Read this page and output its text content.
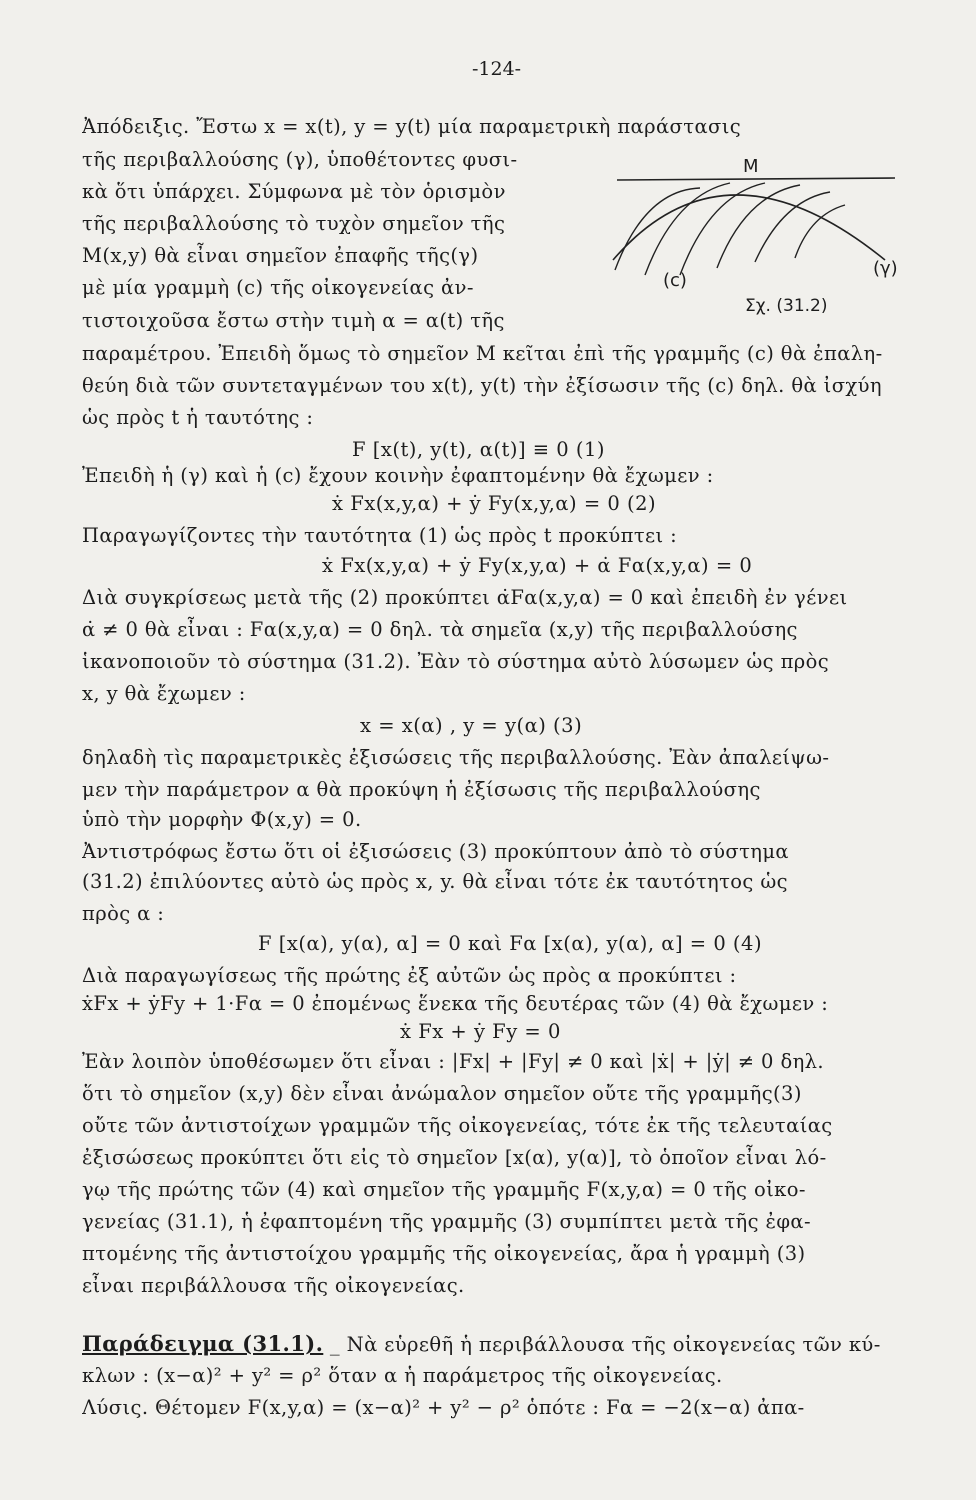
-124-
Ἀπόδειξις. Ἔστω x = x(t), y = y(t) μία παραμετρικὴ παράστασις
τῆς περιβαλλούσης (γ), ὑποθέτοντες φυσι-
κὰ ὅτι ὑπάρχει. Σύμφωνα μὲ τὸν ὁρισμὸν
τῆς περιβαλλούσης τὸ τυχὸν σημεῖον τῆς
M(x,y) θὰ εἶναι σημεῖον ἐπαφῆς τῆς(γ)
μὲ μία γραμμὴ (c) τῆς οἰκογενείας ἀν-
τιστοιχοῦσα ἔστω στὴν τιμὴ α = α(t) τῆς
παραμέτρου. Ἐπειδὴ ὅμως τὸ σημεῖον M κεῖται ἐπὶ τῆς γραμμῆς (c) θὰ ἐπαλη-
θεύη διὰ τῶν συντεταγμένων του x(t), y(t) τὴν ἐξίσωσιν τῆς (c) δηλ. θὰ ἰσχύη
ὡς πρὸς t ἡ ταυτότης :
F [x(t), y(t), α(t)] ≡ 0 (1)
Ἐπειδὴ ἡ (γ) καὶ ἡ (c) ἔχουν κοινὴν ἐφαπτομένην θὰ ἔχωμεν :
ẋ Fx(x,y,α) + ẏ Fy(x,y,α) = 0 (2)
Παραγωγίζοντες τὴν ταυτότητα (1) ὡς πρὸς t προκύπτει :
ẋ Fx(x,y,α) + ẏ Fy(x,y,α) + α̇ Fα(x,y,α) = 0
Διὰ συγκρίσεως μετὰ τῆς (2) προκύπτει α̇Fα(x,y,α) = 0 καὶ ἐπειδὴ ἐν γένει
α̇ ≠ 0 θὰ εἶναι : Fα(x,y,α) = 0 δηλ. τὰ σημεῖα (x,y) τῆς περιβαλλούσης
ἱκανοποιοῦν τὸ σύστημα (31.2). Ἐὰν τὸ σύστημα αὐτὸ λύσωμεν ὡς πρὸς
x, y θὰ ἔχωμεν :
x = x(α) , y = y(α) (3)
δηλαδὴ τὶς παραμετρικὲς ἐξισώσεις τῆς περιβαλλούσης. Ἐὰν ἀπαλείψω-
μεν τὴν παράμετρον α θὰ προκύψη ἡ ἐξίσωσις τῆς περιβαλλούσης
ὑπὸ τὴν μορφὴν Φ(x,y) = 0.
Ἀντιστρόφως ἔστω ὅτι οἱ ἐξισώσεις (3) προκύπτουν ἀπὸ τὸ σύστημα
(31.2) ἐπιλύοντες αὐτὸ ὡς πρὸς x, y. θὰ εἶναι τότε ἐκ ταυτότητος ὡς
πρὸς α :
F [x(α), y(α), α] = 0 καὶ Fα [x(α), y(α), α] = 0 (4)
Διὰ παραγωγίσεως τῆς πρώτης ἐξ αὐτῶν ὡς πρὸς α προκύπτει :
ẋFx + ẏFy + 1·Fα = 0 ἐπομένως ἕνεκα τῆς δευτέρας τῶν (4) θὰ ἔχωμεν :
ẋ Fx + ẏ Fy = 0
Ἐὰν λοιπὸν ὑποθέσωμεν ὅτι εἶναι : |Fx| + |Fy| ≠ 0 καὶ |ẋ| + |ẏ| ≠ 0 δηλ.
ὅτι τὸ σημεῖον (x,y) δὲν εἶναι ἀνώμαλον σημεῖον οὔτε τῆς γραμμῆς(3)
οὔτε τῶν ἀντιστοίχων γραμμῶν τῆς οἰκογενείας, τότε ἐκ τῆς τελευταίας
ἐξισώσεως προκύπτει ὅτι εἰς τὸ σημεῖον [x(α), y(α)], τὸ ὁποῖον εἶναι λό-
γῳ τῆς πρώτης τῶν (4) καὶ σημεῖον τῆς γραμμῆς F(x,y,α) = 0 τῆς οἰκο-
γενείας (31.1), ἡ ἐφαπτομένη τῆς γραμμῆς (3) συμπίπτει μετὰ τῆς ἐφα-
πτομένης τῆς ἀντιστοίχου γραμμῆς τῆς οἰκογενείας, ἄρα ἡ γραμμὴ (3)
εἶναι περιβάλλουσα τῆς οἰκογενείας.
Παράδειγμα (31.1). _ Νὰ εὑρεθῆ ἡ περιβάλλουσα τῆς οἰκογενείας τῶν κύ-
κλων : (x−α)² + y² = ρ² ὅταν α ἡ παράμετρος τῆς οἰκογενείας.
Λύσις. Θέτομεν F(x,y,α) = (x−α)² + y² − ρ² ὁπότε : Fα = −2(x−α) ἀπα-
M
(c)
(γ)
Σχ. (31.2)
